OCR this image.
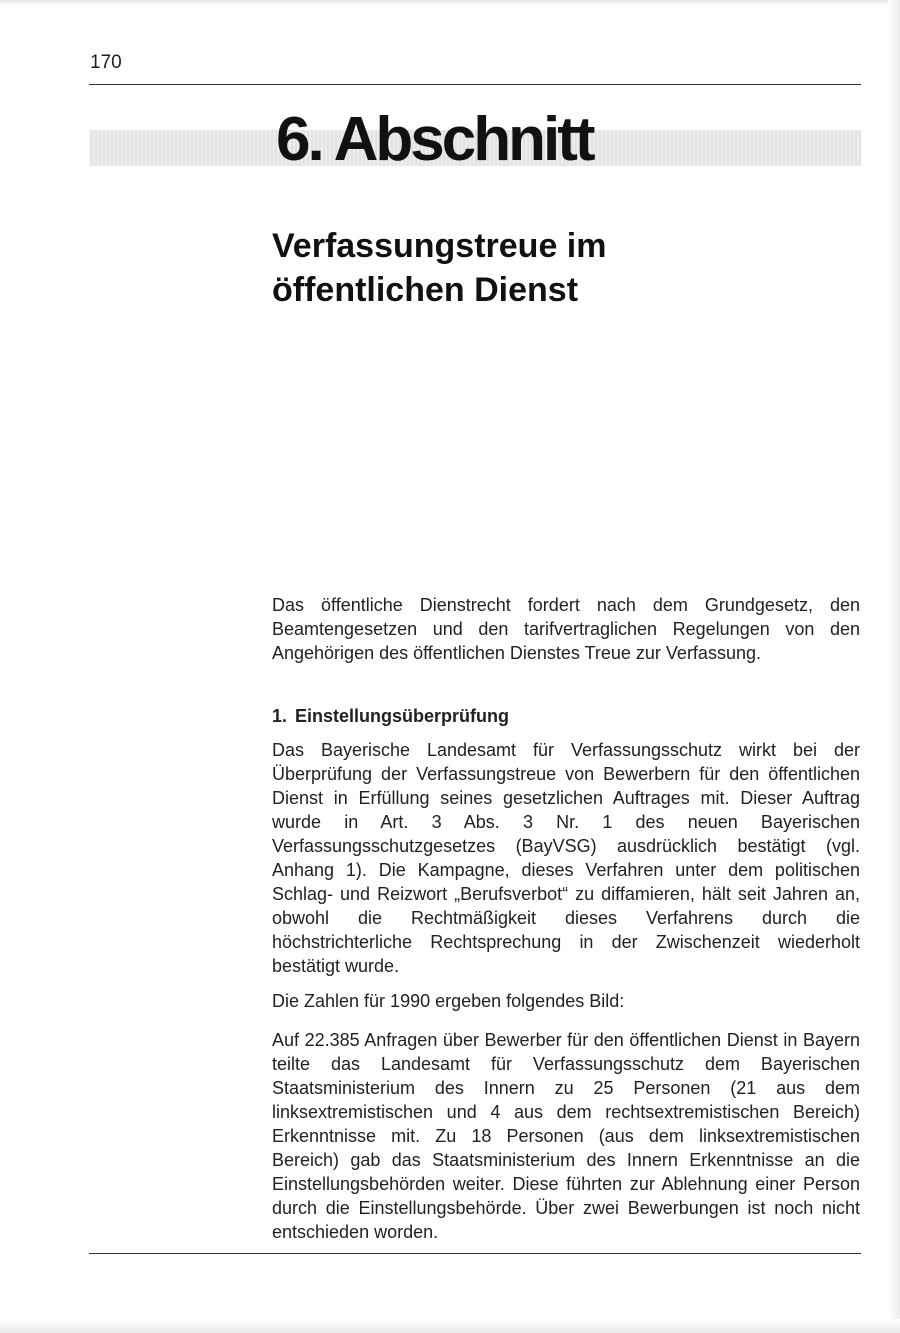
170
6. Abschnitt
Verfassungstreue im
öffentlichen Dienst

Das öffentliche Dienstrecht fordert nach dem Grundgesetz, den Beamtengesetzen und den tarifvertraglichen Regelungen von den Angehörigen des öffentlichen Dienstes Treue zur Verfassung.

1. Einstellungsüberprüfung

Das Bayerische Landesamt für Verfassungsschutz wirkt bei der Überprüfung der Verfassungstreue von Bewerbern für den öffentlichen Dienst in Erfüllung seines gesetzlichen Auftrages mit. Dieser Auftrag wurde in Art. 3 Abs. 3 Nr. 1 des neuen Bayerischen Verfassungsschutzgesetzes (BayVSG) ausdrücklich bestätigt (vgl. Anhang 1). Die Kampagne, dieses Verfahren unter dem politischen Schlag- und Reizwort „Berufsverbot“ zu diffamieren, hält seit Jahren an, obwohl die Rechtmäßigkeit dieses Verfahrens durch die höchstrichterliche Rechtsprechung in der Zwischenzeit wiederholt bestätigt wurde.

Die Zahlen für 1990 ergeben folgendes Bild:

Auf 22.385 Anfragen über Bewerber für den öffentlichen Dienst in Bayern teilte das Landesamt für Verfassungsschutz dem Bayerischen Staatsministerium des Innern zu 25 Personen (21 aus dem linksextremistischen und 4 aus dem rechtsextremistischen Bereich) Erkenntnisse mit. Zu 18 Personen (aus dem linksextremistischen Bereich) gab das Staatsministerium des Innern Erkenntnisse an die Einstellungsbehörden weiter. Diese führten zur Ablehnung einer Person durch die Einstellungsbehörde. Über zwei Bewerbungen ist noch nicht entschieden worden.
